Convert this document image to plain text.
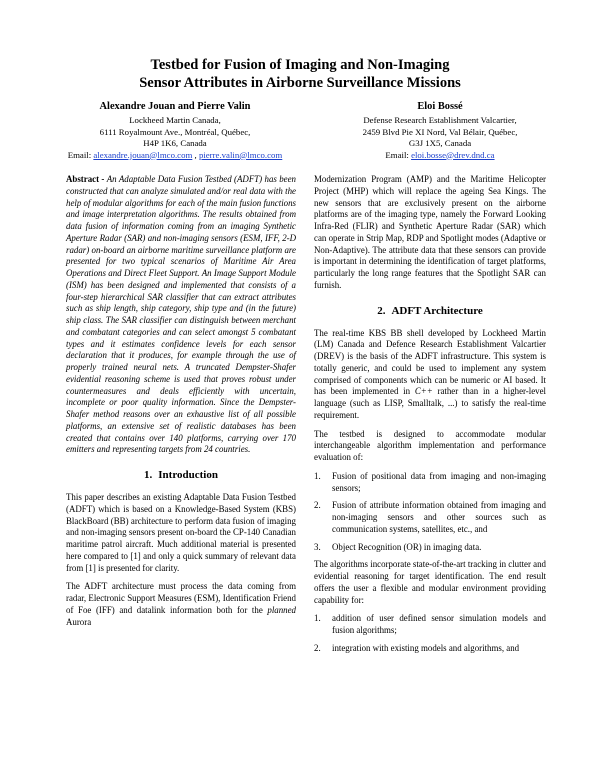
Testbed for Fusion of Imaging and Non-Imaging
Sensor Attributes in Airborne Surveillance Missions
Alexandre Jouan and Pierre Valin
Lockheed Martin Canada,
6111 Royalmount Ave., Montréal, Québec,
H4P 1K6, Canada
Email: alexandre.jouan@lmco.com , pierre.valin@lmco.com
Eloi Bossé
Defense Research Establishment Valcartier,
2459 Blvd Pie XI Nord, Val Bélair, Québec,
G3J 1X5, Canada
Email: eloi.bosse@drev.dnd.ca

Abstract - An Adaptable Data Fusion Testbed (ADFT) has been constructed that can analyze simulated and/or real data with the help of modular algorithms for each of the main fusion functions and image interpretation algorithms. The results obtained from data fusion of information coming from an imaging Synthetic Aperture Radar (SAR) and non-imaging sensors (ESM, IFF, 2-D radar) on-board an airborne maritime surveillance platform are presented for two typical scenarios of Maritime Air Area Operations and Direct Fleet Support. An Image Support Module (ISM) has been designed and implemented that consists of a four-step hierarchical SAR classifier that can extract attributes such as ship length, ship category, ship type and (in the future) ship class. The SAR classifier can distinguish between merchant and combatant categories and can select amongst 5 combatant types and it estimates confidence levels for each sensor declaration that it produces, for example through the use of properly trained neural nets. A truncated Dempster-Shafer evidential reasoning scheme is used that proves robust under countermeasures and deals efficiently with uncertain, incomplete or poor quality information. Since the Dempster-Shafer method reasons over an exhaustive list of all possible platforms, an extensive set of realistic databases has been created that contains over 140 platforms, carrying over 170 emitters and representing targets from 24 countries.

1. Introduction

This paper describes an existing Adaptable Data Fusion Testbed (ADFT) which is based on a Knowledge-Based System (KBS) BlackBoard (BB) architecture to perform data fusion of imaging and non-imaging sensors present on-board the CP-140 Canadian maritime patrol aircraft. Much additional material is presented here compared to [1] and only a quick summary of relevant data from [1] is presented for clarity.

The ADFT architecture must process the data coming from radar, Electronic Support Measures (ESM), Identification Friend of Foe (IFF) and datalink information both for the planned Aurora

Modernization Program (AMP) and the Maritime Helicopter Project (MHP) which will replace the ageing Sea Kings. The new sensors that are exclusively present on the airborne platforms are of the imaging type, namely the Forward Looking Infra-Red (FLIR) and Synthetic Aperture Radar (SAR) which can operate in Strip Map, RDP and Spotlight modes (Adaptive or Non-Adaptive). The attribute data that these sensors can provide is important in determining the identification of target platforms, particularly the long range features that the Spotlight SAR can furnish.

2. ADFT Architecture

The real-time KBS BB shell developed by Lockheed Martin (LM) Canada and Defence Research Establishment Valcartier (DREV) is the basis of the ADFT infrastructure. This system is totally generic, and could be used to implement any system comprised of components which can be numeric or AI based. It has been implemented in C++ rather than in a higher-level language (such as LISP, Smalltalk, ...) to satisfy the real-time requirement.

The testbed is designed to accommodate modular interchangeable algorithm implementation and performance evaluation of:

1. Fusion of positional data from imaging and non-imaging sensors;
2. Fusion of attribute information obtained from imaging and non-imaging sensors and other sources such as communication systems, satellites, etc., and
3. Object Recognition (OR) in imaging data.

The algorithms incorporate state-of-the-art tracking in clutter and evidential reasoning for target identification. The end result offers the user a flexible and modular environment providing capability for:

1. addition of user defined sensor simulation models and fusion algorithms;
2. integration with existing models and algorithms, and
